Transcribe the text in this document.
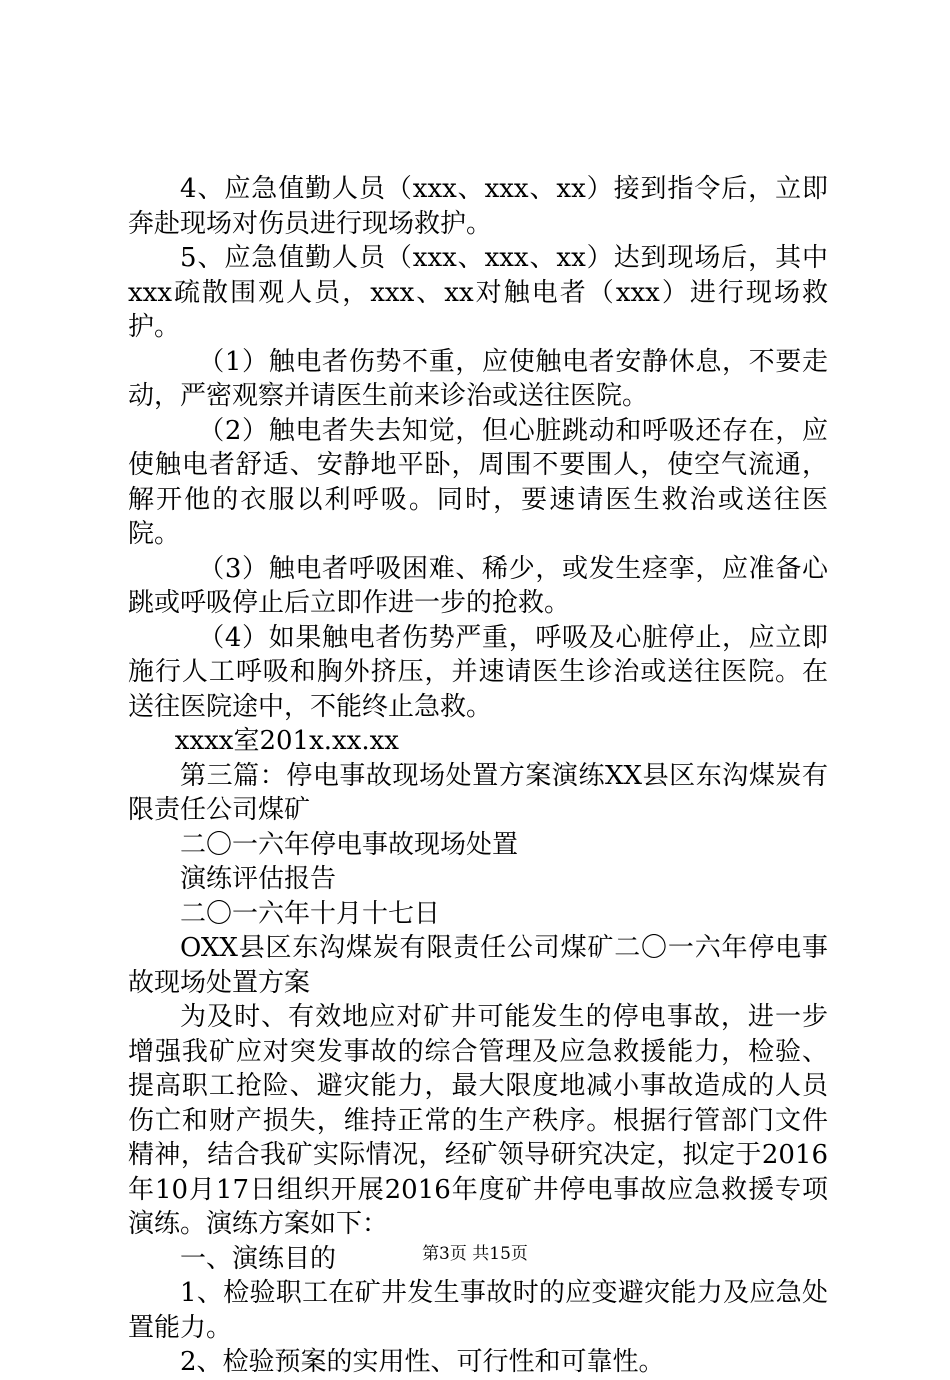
4、应急值勤人员（xxx、xxx、xx）接到指令后，立即奔赴现场对伤员进行现场救护。

5、应急值勤人员（xxx、xxx、xx）达到现场后，其中xxx疏散围观人员，xxx、xx对触电者（xxx）进行现场救护。

（1）触电者伤势不重，应使触电者安静休息，不要走动，严密观察并请医生前来诊治或送往医院。

（2）触电者失去知觉，但心脏跳动和呼吸还存在，应使触电者舒适、安静地平卧，周围不要围人，使空气流通，解开他的衣服以利呼吸。同时，要速请医生救治或送往医院。

（3）触电者呼吸困难、稀少，或发生痉挛，应准备心跳或呼吸停止后立即作进一步的抢救。

（4）如果触电者伤势严重，呼吸及心脏停止，应立即施行人工呼吸和胸外挤压，并速请医生诊治或送往医院。在送往医院途中，不能终止急救。

xxxx室201x.xx.xx

第三篇：停电事故现场处置方案演练XX县区东沟煤炭有限责任公司煤矿

二〇一六年停电事故现场处置

演练评估报告

二〇一六年十月十七日

OXX县区东沟煤炭有限责任公司煤矿二〇一六年停电事故现场处置方案

为及时、有效地应对矿井可能发生的停电事故，进一步增强我矿应对突发事故的综合管理及应急救援能力，检验、提高职工抢险、避灾能力，最大限度地减小事故造成的人员伤亡和财产损失，维持正常的生产秩序。根据行管部门文件精神，结合我矿实际情况，经矿领导研究决定，拟定于2016年10月17日组织开展2016年度矿井停电事故应急救援专项演练。演练方案如下：

一、演练目的

1、检验职工在矿井发生事故时的应变避灾能力及应急处置能力。

2、检验预案的实用性、可行性和可靠性。

第3页 共15页
